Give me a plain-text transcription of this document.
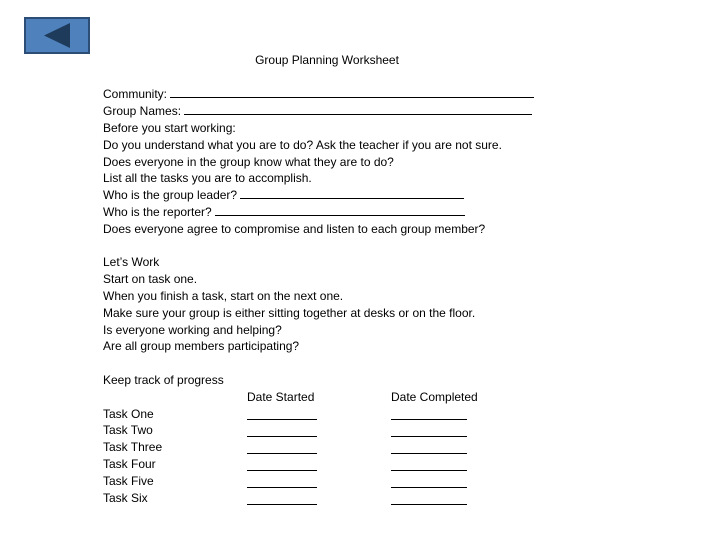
Group Planning Worksheet
Community:
Group Names:
Before you start working:
Do you understand what you are to do? Ask the teacher if you are not sure.
Does everyone in the group know what they are to do?
List all the tasks you are to accomplish.
Who is the group leader?
Who is the reporter?
Does everyone agree to compromise and listen to each group member?
Let’s Work
Start on task one.
When you finish a task, start on the next one.
Make sure your group is either sitting together at desks or on the floor.
Is everyone working and helping?
Are all group members participating?
Keep track of progress
Date Started	Date Completed
Task One
Task Two
Task Three
Task Four
Task Five
Task Six
